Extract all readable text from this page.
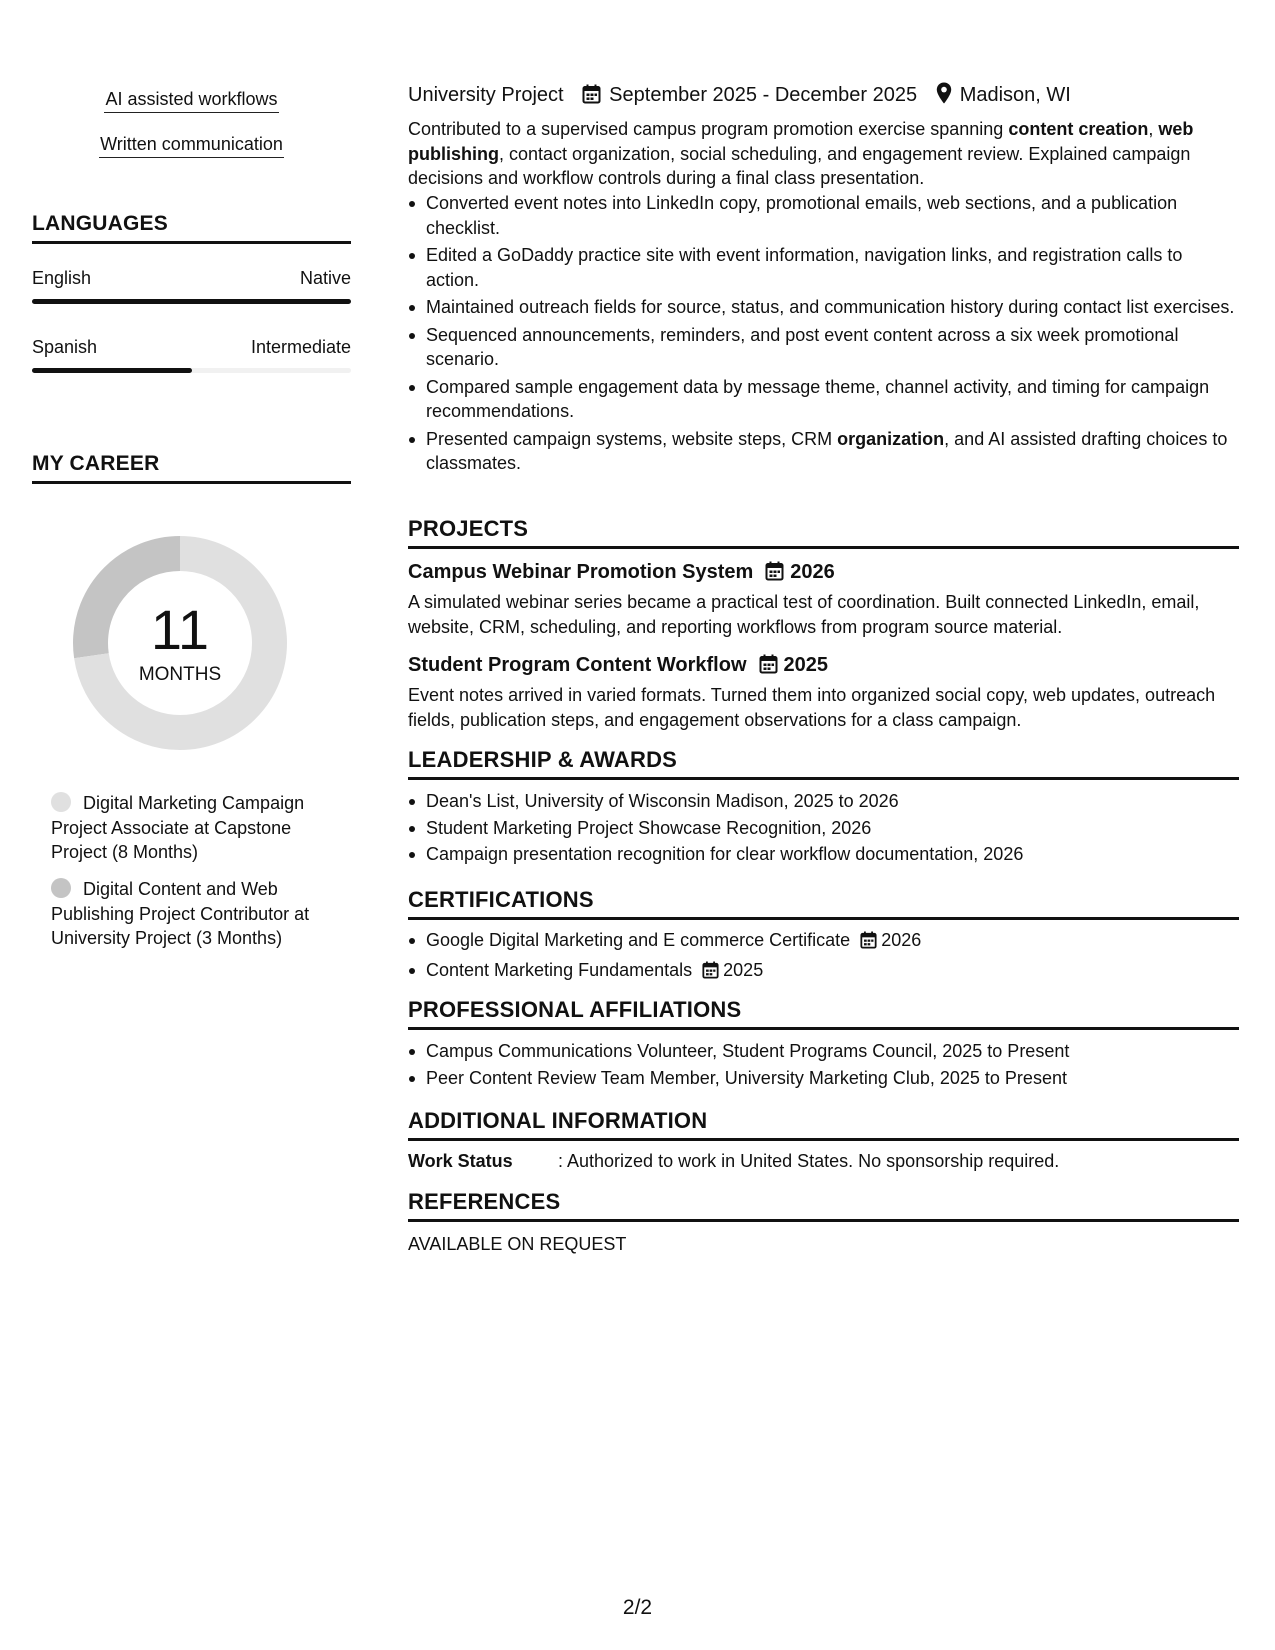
AI assisted workflows
Written communication
LANGUAGES
English	Native
Spanish	Intermediate
MY CAREER
11
MONTHS
Digital Marketing Campaign Project Associate at Capstone Project (8 Months)
Digital Content and Web Publishing Project Contributor at University Project (3 Months)
University Project September 2025 - December 2025 Madison, WI
Contributed to a supervised campus program promotion exercise spanning content creation, web publishing, contact organization, social scheduling, and engagement review. Explained campaign decisions and workflow controls during a final class presentation.
Converted event notes into LinkedIn copy, promotional emails, web sections, and a publication checklist.
Edited a GoDaddy practice site with event information, navigation links, and registration calls to action.
Maintained outreach fields for source, status, and communication history during contact list exercises.
Sequenced announcements, reminders, and post event content across a six week promotional scenario.
Compared sample engagement data by message theme, channel activity, and timing for campaign recommendations.
Presented campaign systems, website steps, CRM organization, and AI assisted drafting choices to classmates.
PROJECTS
Campus Webinar Promotion System 2026
A simulated webinar series became a practical test of coordination. Built connected LinkedIn, email, website, CRM, scheduling, and reporting workflows from program source material.
Student Program Content Workflow 2025
Event notes arrived in varied formats. Turned them into organized social copy, web updates, outreach fields, publication steps, and engagement observations for a class campaign.
LEADERSHIP & AWARDS
Dean's List, University of Wisconsin Madison, 2025 to 2026
Student Marketing Project Showcase Recognition, 2026
Campaign presentation recognition for clear workflow documentation, 2026
CERTIFICATIONS
Google Digital Marketing and E commerce Certificate 2026
Content Marketing Fundamentals 2025
PROFESSIONAL AFFILIATIONS
Campus Communications Volunteer, Student Programs Council, 2025 to Present
Peer Content Review Team Member, University Marketing Club, 2025 to Present
ADDITIONAL INFORMATION
Work Status	: Authorized to work in United States. No sponsorship required.
REFERENCES
AVAILABLE ON REQUEST
2/2
